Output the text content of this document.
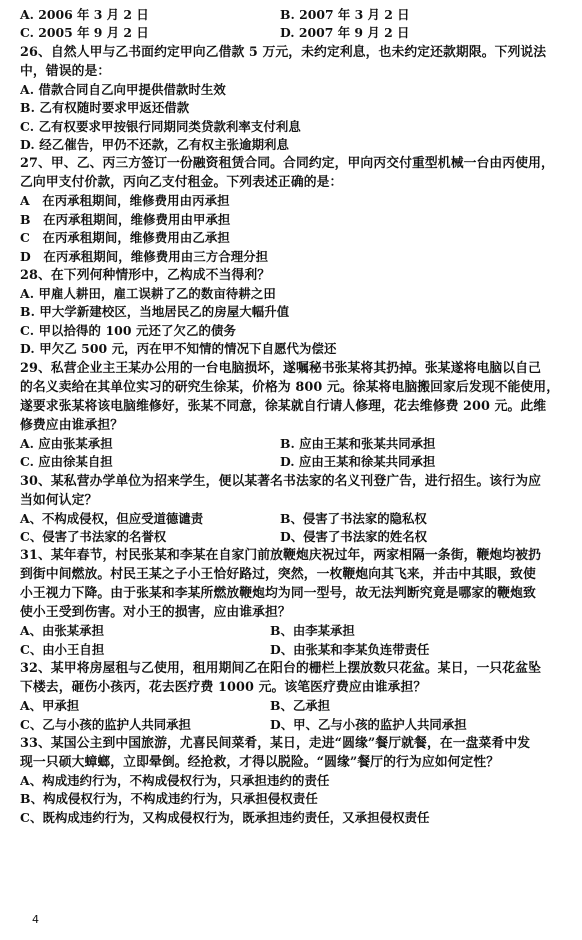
A. 2006 年 3 月 2 日	B. 2007 年 3 月 2 日
C. 2005 年 9 月 2 日	D. 2007 年 9 月 2 日
26、自然人甲与乙书面约定甲向乙借款 5 万元，未约定利息，也未约定还款期限。下列说法
中，错误的是：
A. 借款合同自乙向甲提供借款时生效
B. 乙有权随时要求甲返还借款
C. 乙有权要求甲按银行同期同类贷款利率支付利息
D. 经乙催告，甲仍不还款，乙有权主张逾期利息
27、甲、乙、丙三方签订一份融资租赁合同。合同约定，甲向丙交付重型机械一台由丙使用，
乙向甲支付价款，丙向乙支付租金。下列表述正确的是：
A　在丙承租期间，维修费用由丙承担
B　在丙承租期间，维修费用由甲承担
C　在丙承租期间，维修费用由乙承担
D　在丙承租期间，维修费用由三方合理分担
28、在下列何种情形中，乙构成不当得利？
A. 甲雇人耕田，雇工误耕了乙的数亩待耕之田
B. 甲大学新建校区，当地居民乙的房屋大幅升值
C. 甲以拾得的 100 元还了欠乙的债务
D. 甲欠乙 500 元，丙在甲不知情的情况下自愿代为偿还
29、私营企业主王某办公用的一台电脑损坏，遂嘱秘书张某将其扔掉。张某遂将电脑以自己
的名义卖给在其单位实习的研究生徐某，价格为 800 元。徐某将电脑搬回家后发现不能使用，
遂要求张某将该电脑维修好，张某不同意，徐某就自行请人修理，花去维修费 200 元。此维
修费应由谁承担？
A. 应由张某承担	B. 应由王某和张某共同承担
C. 应由徐某自担	D. 应由王某和徐某共同承担
30、某私营办学单位为招来学生，便以某著名书法家的名义刊登广告，进行招生。该行为应
当如何认定？
A、不构成侵权，但应受道德谴责	B、侵害了书法家的隐私权
C、侵害了书法家的名誉权	D、侵害了书法家的姓名权
31、某年春节，村民张某和李某在自家门前放鞭炮庆祝过年，两家相隔一条街，鞭炮均被扔
到街中间燃放。村民王某之子小王恰好路过，突然，一枚鞭炮向其飞来，并击中其眼，致使
小王视力下降。由于张某和李某所燃放鞭炮均为同一型号，故无法判断究竟是哪家的鞭炮致
使小王受到伤害。对小王的损害，应由谁承担？
A、由张某承担	B、由李某承担
C、由小王自担	D、由张某和李某负连带责任
32、某甲将房屋租与乙使用，租用期间乙在阳台的栅栏上摆放数只花盆。某日，一只花盆坠
下楼去，砸伤小孩丙，花去医疗费 1000 元。该笔医疗费应由谁承担？
A、甲承担	B、乙承担
C、乙与小孩的监护人共同承担	D、甲、乙与小孩的监护人共同承担
33、某国公主到中国旅游，尤喜民间菜肴，某日，走进“圆缘”餐厅就餐，在一盘菜肴中发
现一只硕大蟑螂，立即晕倒。经抢救，才得以脱险。“圆缘”餐厅的行为应如何定性？
A、构成违约行为，不构成侵权行为，只承担违约的责任
B、构成侵权行为，不构成违约行为，只承担侵权责任
C、既构成违约行为，又构成侵权行为，既承担违约责任，又承担侵权责任
4
